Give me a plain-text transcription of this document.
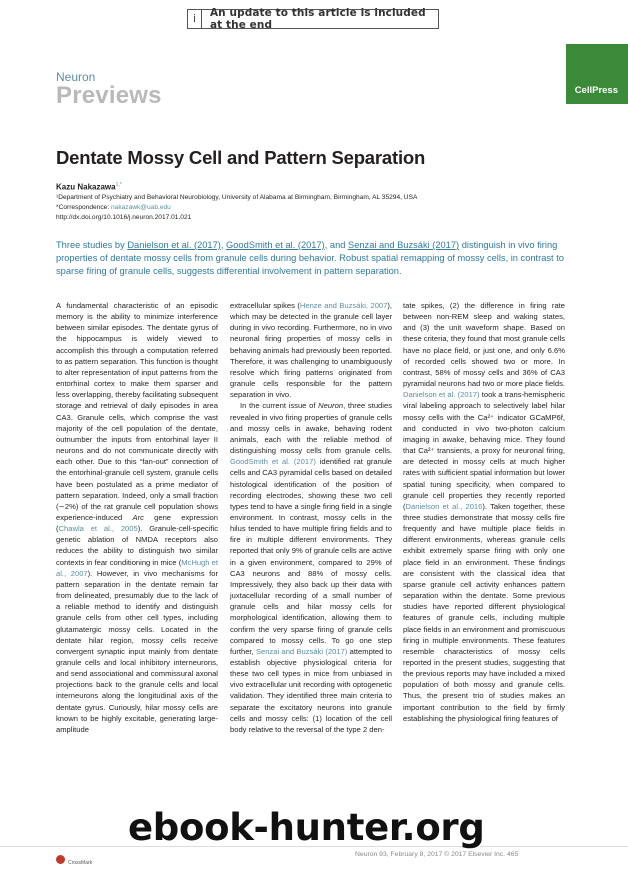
i	An update to this article is included at the end
Neuron
Previews	CellPress
Dentate Mossy Cell and Pattern Separation
Kazu Nakazawa$^{1,*}$
¹Department of Psychiatry and Behavioral Neurobiology, University of Alabama at Birmingham, Birmingham, AL 35294, USA
*Correspondence: nakazawk@uab.edu
http://dx.doi.org/10.1016/j.neuron.2017.01.021
Three studies by Danielson et al. (2017), GoodSmith et al. (2017), and Senzai and Buzsáki (2017) distinguish in vivo firing properties of dentate mossy cells from granule cells during behavior. Robust spatial remapping of mossy cells, in contrast to sparse firing of granule cells, suggests differential involvement in pattern separation.

A fundamental characteristic of an episodic memory is the ability to minimize interference between similar episodes. The dentate gyrus of the hippocampus is widely viewed to accomplish this through a computation referred to as pattern separation. This function is thought to alter representation of input patterns from the entorhinal cortex to make them sparser and less overlapping, thereby facilitating subsequent storage and retrieval of daily episodes in area CA3. Granule cells, which comprise the vast majority of the cell population of the dentate, outnumber the inputs from entorhinal layer II neurons and do not communicate directly with each other. Due to this “fan-out” connection of the entorhinal-granule cell system, granule cells have been postulated as a prime mediator of pattern separation. Indeed, only a small fraction (∼2%) of the rat granule cell population shows experience-induced Arc gene expression (Chawla et al., 2005). Granule-cell-specific genetic ablation of NMDA receptors also reduces the ability to distinguish two similar contexts in fear conditioning in mice (McHugh et al., 2007). However, in vivo mechanisms for pattern separation in the dentate remain far from delineated, presumably due to the lack of a reliable method to identify and distinguish granule cells from other cell types, including glutamatergic mossy cells. Located in the dentate hilar region, mossy cells receive convergent synaptic input mainly from dentate granule cells and local inhibitory interneurons, and send associational and commissural axonal projections back to the granule cells and local interneurons along the longitudinal axis of the dentate gyrus. Curiously, hilar mossy cells are known to be highly excitable, generating large-amplitude

extracellular spikes (Henze and Buzsáki, 2007), which may be detected in the granule cell layer during in vivo recording. Furthermore, no in vivo neuronal firing properties of mossy cells in behaving animals had previously been reported. Therefore, it was challenging to unambiguously resolve which firing patterns originated from granule cells responsible for the pattern separation in vivo.

In the current issue of Neuron, three studies revealed in vivo firing properties of granule cells and mossy cells in awake, behaving rodent animals, each with the reliable method of distinguishing mossy cells from granule cells. GoodSmith et al. (2017) identified rat granule cells and CA3 pyramidal cells based on detailed histological identification of the position of recording electrodes, showing these two cell types tend to have a single firing field in a single environment. In contrast, mossy cells in the hilus tended to have multiple firing fields and to fire in multiple different environments. They reported that only 9% of granule cells are active in a given environment, compared to 29% of CA3 neurons and 88% of mossy cells. Impressively, they also back up their data with juxtacellular recording of a small number of granule cells and hilar mossy cells for morphological identification, allowing them to confirm the very sparse firing of granule cells compared to mossy cells. To go one step further, Senzai and Buzsáki (2017) attempted to establish objective physiological criteria for these two cell types in mice from unbiased in vivo extracellular unit recording with optogenetic validation. They identified three main criteria to separate the excitatory neurons into granule cells and mossy cells: (1) location of the cell body relative to the reversal of the type 2 den-

tate spikes, (2) the difference in firing rate between non-REM sleep and waking states, and (3) the unit waveform shape. Based on these criteria, they found that most granule cells have no place field, or just one, and only 6.6% of recorded cells showed two or more. In contrast, 58% of mossy cells and 36% of CA3 pyramidal neurons had two or more place fields. Danielson et al. (2017) took a trans-hemispheric viral labeling approach to selectively label hilar mossy cells with the Ca²⁺ indicator GCaMP6f, and conducted in vivo two-photon calcium imaging in awake, behaving mice. They found that Ca²⁺ transients, a proxy for neuronal firing, are detected in mossy cells at much higher rates with sufficient spatial information but lower spatial tuning specificity, when compared to granule cell properties they recently reported (Danielson et al., 2016). Taken together, these three studies demonstrate that mossy cells fire frequently and have multiple place fields in different environments, whereas granule cells exhibit extremely sparse firing with only one place field in an environment. These findings are consistent with the classical idea that sparse granule cell activity enhances pattern separation within the dentate. Some previous studies have reported different physiological features of granule cells, including multiple place fields in an environment and promiscuous firing in multiple environments. These features resemble characteristics of mossy cells reported in the present studies, suggesting that the previous reports may have included a mixed population of both mossy and granule cells. Thus, the present trio of studies makes an important contribution to the field by firmly establishing the physiological firing features of

CrossMark
Neuron 93, February 8, 2017 © 2017 Elsevier Inc. 465
ebook-hunter.org
